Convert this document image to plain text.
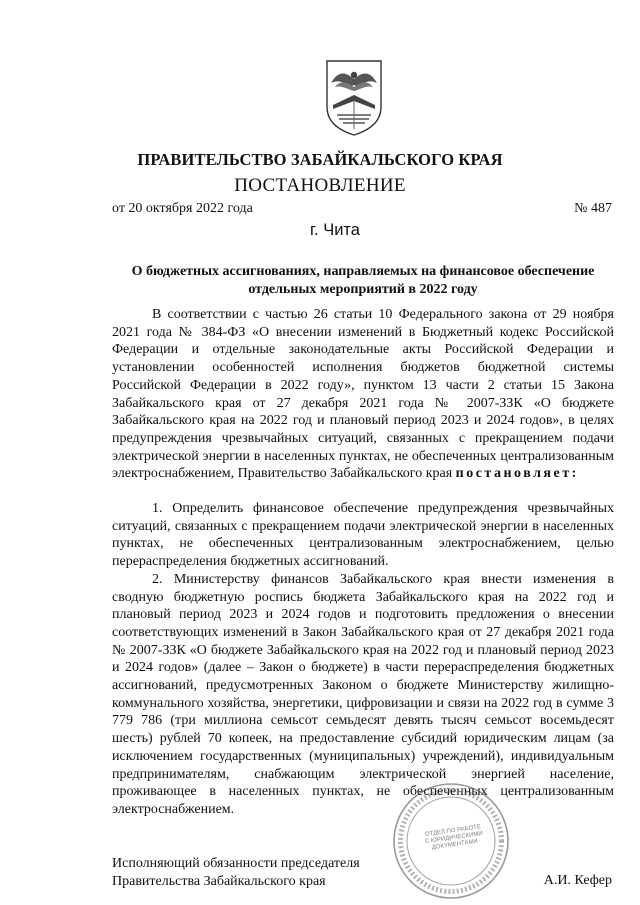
ПРАВИТЕЛЬСТВО ЗАБАЙКАЛЬСКОГО КРАЯ
ПОСТАНОВЛЕНИЕ
от 20 октября 2022 года	№ 487
г. Чита
О бюджетных ассигнованиях, направляемых на финансовое обеспечение
отдельных мероприятий в 2022 году

В соответствии с частью 26 статьи 10 Федерального закона от 29 ноября 2021 года № 384-ФЗ «О внесении изменений в Бюджетный кодекс Российской Федерации и отдельные законодательные акты Российской Федерации и установлении особенностей исполнения бюджетов бюджетной системы Российской Федерации в 2022 году», пунктом 13 части 2 статьи 15 Закона Забайкальского края от 27 декабря 2021 года № 2007-ЗЗК «О бюджете Забайкальского края на 2022 год и плановый период 2023 и 2024 годов», в целях предупреждения чрезвычайных ситуаций, связанных с прекращением подачи электрической энергии в населенных пунктах, не обеспеченных централизованным электроснабжением, Правительство Забайкальского края постановляет:

1. Определить финансовое обеспечение предупреждения чрезвычайных ситуаций, связанных с прекращением подачи электрической энергии в населенных пунктах, не обеспеченных централизованным электроснабжением, целью перераспределения бюджетных ассигнований.

2. Министерству финансов Забайкальского края внести изменения в сводную бюджетную роспись бюджета Забайкальского края на 2022 год и плановый период 2023 и 2024 годов и подготовить предложения о внесении соответствующих изменений в Закон Забайкальского края от 27 декабря 2021 года № 2007-ЗЗК «О бюджете Забайкальского края на 2022 год и плановый период 2023 и 2024 годов» (далее – Закон о бюджете) в части перераспределения бюджетных ассигнований, предусмотренных Законом о бюджете Министерству жилищно-коммунального хозяйства, энергетики, цифровизации и связи на 2022 год в сумме 3 779 786 (три миллиона семьсот семьдесят девять тысяч семьсот восемьдесят шесть) рублей 70 копеек, на предоставление субсидий юридическим лицам (за исключением государственных (муниципальных) учреждений), индивидуальным предпринимателям, снабжающим электрической энергией население, проживающее в населенных пунктах, не обеспеченных централизованным электроснабжением.

Исполняющий обязанности председателя
Правительства Забайкальского края	А.И. Кефер
ОТДЕЛ ПО РАБОТЕ С ЮРИДИЧЕСКИМИ ДОКУМЕНТАМИ
